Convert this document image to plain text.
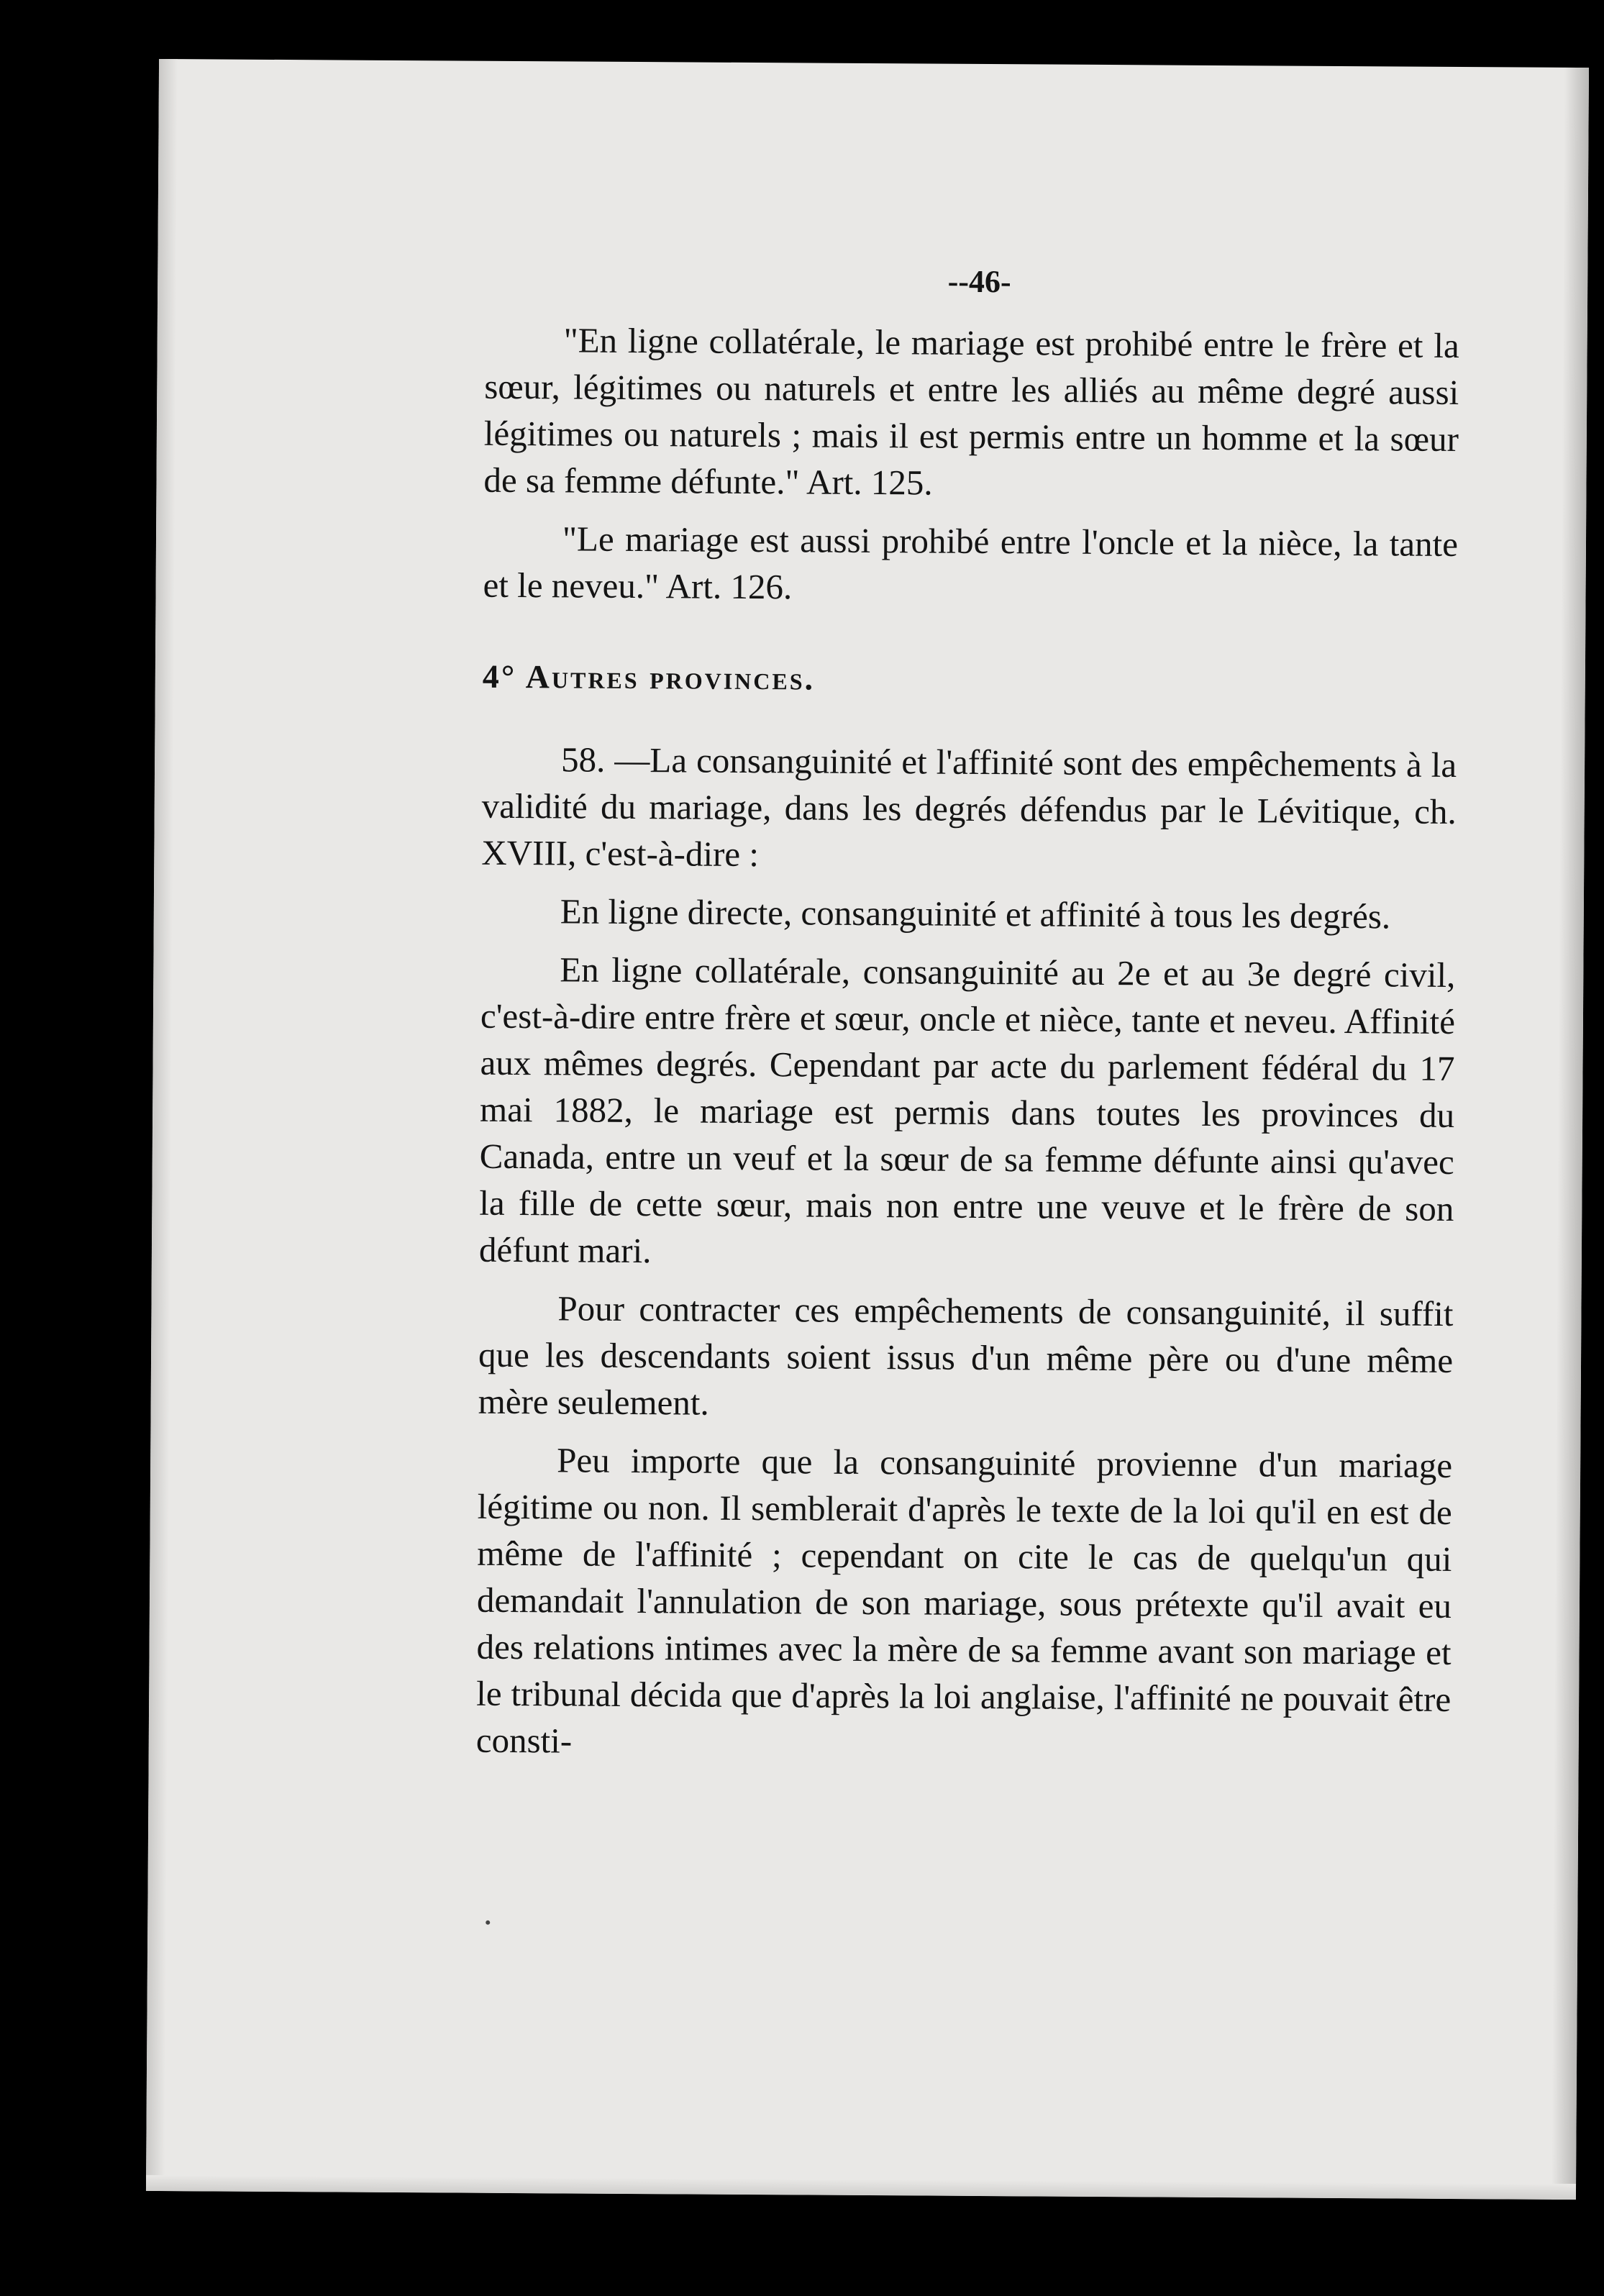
--46-

"En ligne collatérale, le mariage est prohibé entre le frère et la sœur, légitimes ou naturels et entre les alliés au même degré aussi légitimes ou naturels ; mais il est permis entre un homme et la sœur de sa femme défunte." Art. 125.

"Le mariage est aussi prohibé entre l'oncle et la nièce, la tante et le neveu." Art. 126.

4° Autres provinces.

58. —La consanguinité et l'affinité sont des empêchements à la validité du mariage, dans les degrés défendus par le Lévitique, ch. XVIII, c'est-à-dire :

En ligne directe, consanguinité et affinité à tous les degrés.

En ligne collatérale, consanguinité au 2e et au 3e degré civil, c'est-à-dire entre frère et sœur, oncle et nièce, tante et neveu. Affinité aux mêmes degrés. Cependant par acte du parlement fédéral du 17 mai 1882, le mariage est permis dans toutes les provinces du Canada, entre un veuf et la sœur de sa femme défunte ainsi qu'avec la fille de cette sœur, mais non entre une veuve et le frère de son défunt mari.

Pour contracter ces empêchements de consanguinité, il suffit que les descendants soient issus d'un même père ou d'une même mère seulement.

Peu importe que la consanguinité provienne d'un mariage légitime ou non. Il semblerait d'après le texte de la loi qu'il en est de même de l'affinité ; cependant on cite le cas de quelqu'un qui demandait l'annulation de son mariage, sous prétexte qu'il avait eu des relations intimes avec la mère de sa femme avant son mariage et le tribunal décida que d'après la loi anglaise, l'affinité ne pouvait être consti-
